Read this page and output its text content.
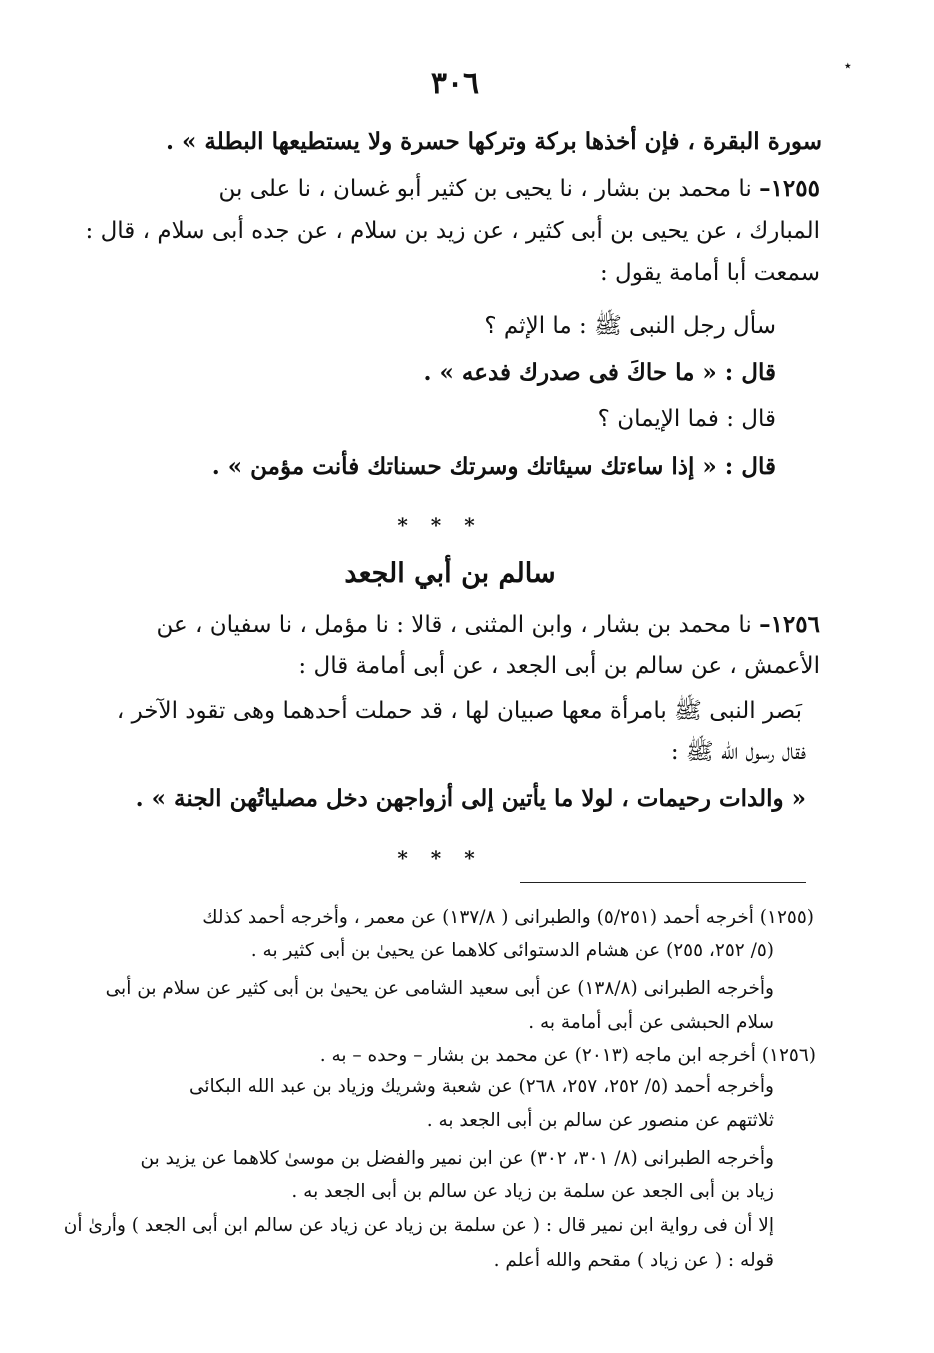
٣٠٦	٭
سورة البقرة ، فإن أخذها بركة وتركها حسرة ولا يستطيعها البطلة » .
١٢٥٥– نا محمد بن بشار ، نا يحيى بن كثير أبو غسان ، نا على بن
المبارك ، عن يحيى بن أبى كثير ، عن زيد بن سلام ، عن جده أبى سلام ، قال :
سمعت أبا أمامة يقول :
سأل رجل النبى ﷺ : ما الإثم ؟
قال : « ما حاكَ فى صدرك فدعه » .
قال : فما الإيمان ؟
قال : « إذا ساءتك سيئاتك وسرتك حسناتك فأنت مؤمن » .
* * *
سالم بن أبي الجعد
١٢٥٦– نا محمد بن بشار ، وابن المثنى ، قالا : نا مؤمل ، نا سفيان ، عن
الأعمش ، عن سالم بن أبى الجعد ، عن أبى أمامة قال :
بَصر النبى ﷺ بامرأة معها صبيان لها ، قد حملت أحدهما وهى تقود الآخر ،
فقال رسول الله ﷺ :
« والدات رحيمات ، لولا ما يأتين إلى أزواجهن دخل مصلياتُهن الجنة » .
* * *
(١٢٥٥) أخرجه أحمد (٥/٢٥١) والطبرانى ( ١٣٧/٨) عن معمر ، وأخرجه أحمد كذلك
(٥/ ٢٥٢، ٢٥٥) عن هشام الدستوائى كلاهما عن يحيىٰ بن أبى كثير به .
وأخرجه الطبرانى (١٣٨/٨) عن أبى سعيد الشامى عن يحيىٰ بن أبى كثير عن سلام بن أبى
سلام الحبشى عن أبى أمامة به .
(١٢٥٦) أخرجه ابن ماجه (٢٠١٣) عن محمد بن بشار – وحده – به .
وأخرجه أحمد (٥/ ٢٥٢، ٢٥٧، ٢٦٨) عن شعبة وشريك وزياد بن عبد الله البكائى
ثلاثتهم عن منصور عن سالم بن أبى الجعد به .
وأخرجه الطبرانى (٨/ ٣٠١، ٣٠٢) عن ابن نمير والفضل بن موسىٰ كلاهما عن يزيد بن
زياد بن أبى الجعد عن سلمة بن زياد عن سالم بن أبى الجعد به .
إلا أن فى رواية ابن نمير قال : ( عن سلمة بن زياد عن زياد عن سالم ابن أبى الجعد ) وأرىٰ أن
قوله : ( عن زياد ) مقحم والله أعلم .
